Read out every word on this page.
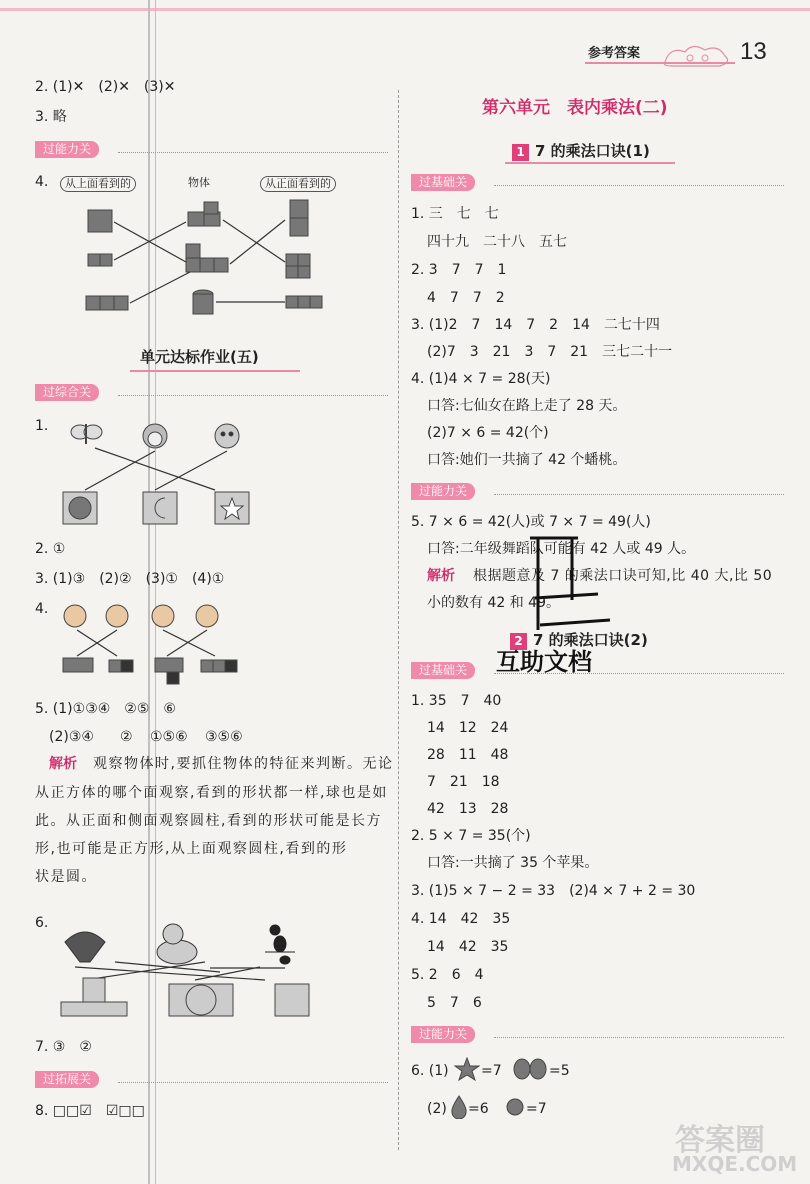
参考答案	13
2. (1)✕　(2)✕　(3)✕
3. 略
过能力关
4.	从上面看到的	物体	从正面看到的
单元达标作业(五)
过综合关
1.
2. ①
3. (1)③　(2)②　(3)①　(4)①
4.
5. (1)①③④　②⑤　⑥
(2)③④ ② ①⑤⑥ ③⑤⑥
解析 观察物体时,要抓住物体的特征来判断。无论
从正方体的哪个面观察,看到的形状都一样,球也是如
此。从正面和侧面观察圆柱,看到的形状可能是长方
形,也可能是正方形,从上面观察圆柱,看到的形
状是圆。
6.
7. ③　②
过拓展关
8. □□☑　☑□□
第六单元　表内乘法(二)
1 7 的乘法口诀(1)
过基础关
1. 三　七　七
四十九　二十八　五七
2. 3　7　7　1
4　7　7　2
3. (1)2　7　14　7　2　14　二七十四
(2)7　3　21　3　7　21　三七二十一
4. (1)4 × 7 = 28(天)
口答:七仙女在路上走了 28 天。
(2)7 × 6 = 42(个)
口答:她们一共摘了 42 个蟠桃。
过能力关
5. 7 × 6 = 42(人)或 7 × 7 = 49(人)
口答:二年级舞蹈队可能有 42 人或 49 人。
解析 根据题意及 7 的乘法口诀可知,比 40 大,比 50
小的数有 42 和 49。
2 7 的乘法口诀(2)
互助文档
过基础关
1. 35　7　40
14　12　24
28　11　48
7　21　18
42　13　28
2. 5 × 7 = 35(个)
口答:一共摘了 35 个苹果。
3. (1)5 × 7 − 2 = 33　(2)4 × 7 + 2 = 30
4. 14　42　35
14　42　35
5. 2　6　4
5　7　6
过能力关
6. (1) =7	=5
(2) =6	=7
答案圈
MXQE.COM
